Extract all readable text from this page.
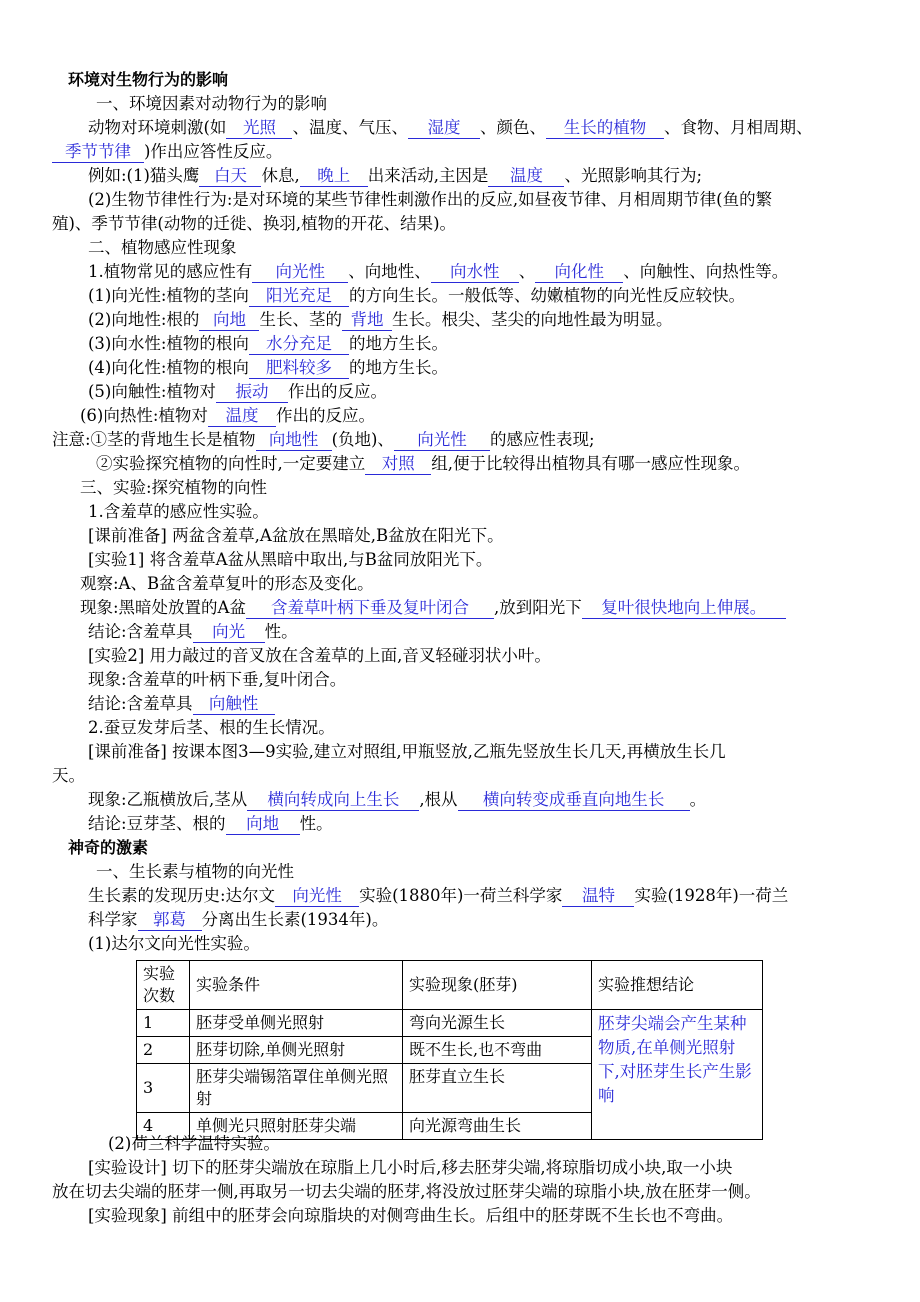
环境对生物行为的影响
一、环境因素对动物行为的影响
动物对环境刺激(如 光照 、温度、气压、 湿度 、颜色、 生长的植物 、食物、月相周期、
季节节律 )作出应答性反应。
例如:(1)猫头鹰 白天 休息, 晚上 出来活动,主因是 温度 、光照影响其行为;
(2)生物节律性行为:是对环境的某些节律性刺激作出的反应,如昼夜节律、月相周期节律(鱼的繁
殖)、季节节律(动物的迁徙、换羽,植物的开花、结果)。
二、植物感应性现象
1.植物常见的感应性有 向光性 、向地性、 向水性 、 向化性 、向触性、向热性等。
(1)向光性:植物的茎向 阳光充足 的方向生长。一般低等、幼嫩植物的向光性反应较快。
(2)向地性:根的 向地 生长、茎的 背地 生长。根尖、茎尖的向地性最为明显。
(3)向水性:植物的根向 水分充足 的地方生长。
(4)向化性:植物的根向 肥料较多 的地方生长。
(5)向触性:植物对 振动 作出的反应。
(6)向热性:植物对 温度 作出的反应。
注意:①茎的背地生长是植物 向地性 (负地)、 向光性 的感应性表现;
②实验探究植物的向性时,一定要建立 对照 组,便于比较得出植物具有哪一感应性现象。
三、实验:探究植物的向性
1.含羞草的感应性实验。
[课前准备] 两盆含羞草,A盆放在黑暗处,B盆放在阳光下。
[实验1] 将含羞草A盆从黑暗中取出,与B盆同放阳光下。
观察:A、B盆含羞草复叶的形态及变化。
现象:黑暗处放置的A盆 含羞草叶柄下垂及复叶闭合 ,放到阳光下 复叶很快地向上伸展。
结论:含羞草具 向光 性。
[实验2] 用力敲过的音叉放在含羞草的上面,音叉轻碰羽状小叶。
现象:含羞草的叶柄下垂,复叶闭合。
结论:含羞草具 向触性
2.蚕豆发芽后茎、根的生长情况。
[课前准备] 按课本图3—9实验,建立对照组,甲瓶竖放,乙瓶先竖放生长几天,再横放生长几
天。
现象:乙瓶横放后,茎从 横向转成向上生长 ,根从 横向转变成垂直向地生长 。
结论:豆芽茎、根的 向地 性。
神奇的激素
一、生长素与植物的向光性
生长素的发现历史:达尔文 向光性 实验(1880年)一荷兰科学家 温特 实验(1928年)一荷兰
科学家 郭葛 分离出生长素(1934年)。
(1)达尔文向光性实验。
实验
次数	实验条件	实验现象(胚芽)	实验推想结论
1	胚芽受单侧光照射	弯向光源生长	胚芽尖端会产生某种物质,在单侧光照射下,对胚芽生长产生影响
2	胚芽切除,单侧光照射	既不生长,也不弯曲	
3	胚芽尖端锡箔罩住单侧光照射	胚芽直立生长	
4	单侧光只照射胚芽尖端	向光源弯曲生长	
(2)荷兰科学温特实验。
[实验设计] 切下的胚芽尖端放在琼脂上几小时后,移去胚芽尖端,将琼脂切成小块,取一小块
放在切去尖端的胚芽一侧,再取另一切去尖端的胚芽,将没放过胚芽尖端的琼脂小块,放在胚芽一侧。
[实验现象] 前组中的胚芽会向琼脂块的对侧弯曲生长。后组中的胚芽既不生长也不弯曲。
